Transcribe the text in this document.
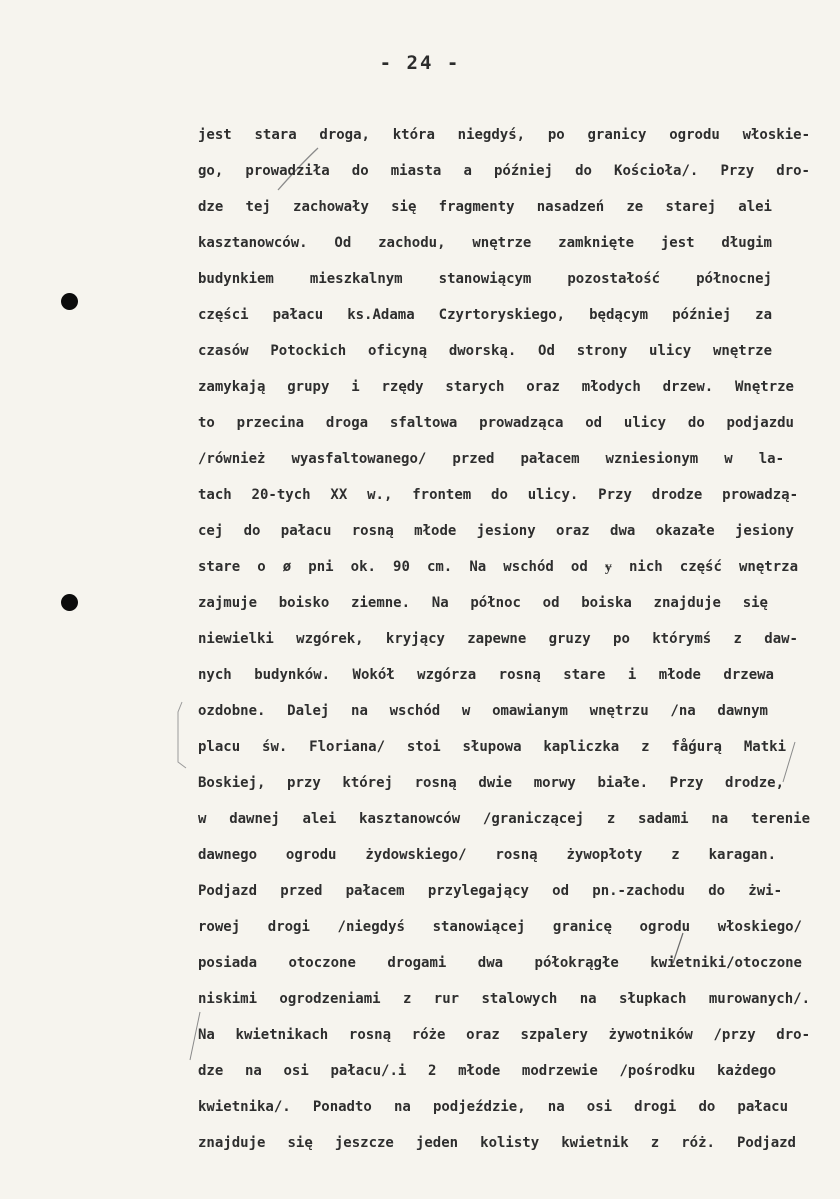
- 24 -
jest stara droga, która niegdyś, po granicy ogrodu włoskie-
go, prowadziła do miasta a później do Kościoła/. Przy dro-
dze tej zachowały się fragmenty nasadzeń ze starej alei
kasztanowców. Od zachodu, wnętrze zamknięte jest długim
budynkiem mieszkalnym stanowiącym pozostałość północnej
części pałacu ks.Adama Czyrtoryskiego, będącym później za
czasów Potockich oficyną dworską. Od strony ulicy wnętrze
zamykają grupy i rzędy starych oraz młodych drzew. Wnętrze
to przecina droga sfaltowa prowadząca od ulicy do podjazdu
/również wyasfaltowanego/ przed pałacem wzniesionym w la-
tach 20-tych XX w., frontem do ulicy. Przy drodze prowadzą-
cej do pałacu rosną młode jesiony oraz dwa okazałe jesiony
stare o ø pni ok. 90 cm. Na wschód od ɏ nich część wnętrza
zajmuje boisko ziemne. Na północ od boiska znajduje się
niewielki wzgórek, kryjący zapewne gruzy po którymś z daw-
nych budynków. Wokół wzgórza rosną stare i młode drzewa
ozdobne. Dalej na wschód w omawianym wnętrzu /na dawnym
placu św. Floriana/ stoi słupowa kapliczka z fǻgurą Matki
Boskiej, przy której rosną dwie morwy białe. Przy drodze,
w dawnej alei kasztanowców /graniczącej z sadami na terenie
dawnego ogrodu żydowskiego/ rosną żywopłoty z karagan.
Podjazd przed pałacem przylegający od pn.-zachodu do żwi-
rowej drogi /niegdyś stanowiącej granicę ogrodu włoskiego/
posiada otoczone drogami dwa półokrągłe kwietniki/otoczone
niskimi ogrodzeniami z rur stalowych na słupkach murowanych/.
Na kwietnikach rosną róże oraz szpalery żywotników /przy dro-
dze na osi pałacu/.i 2 młode modrzewie /pośrodku każdego
kwietnika/. Ponadto na podjeździe, na osi drogi do pałacu
znajduje się jeszcze jeden kolisty kwietnik z róż. Podjazd
